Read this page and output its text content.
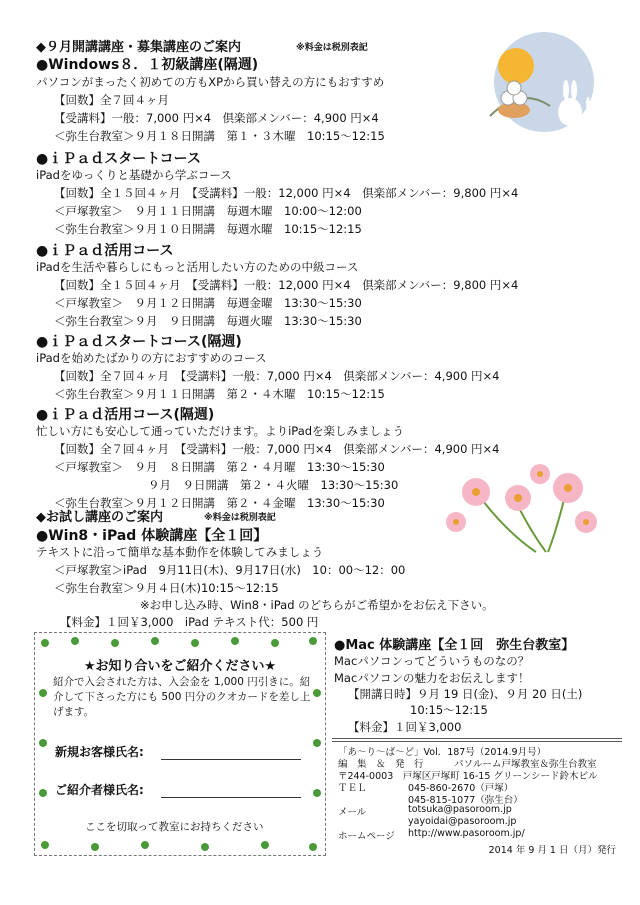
◆９月開講講座・募集講座のご案内	※料金は税別表記
●Windows８．１初級講座(隔週)
パソコンがまったく初めての方もXPから買い替えの方にもおすすめ
【回数】全７回４ヶ月
【受講料】一般：7,000 円×4　倶楽部メンバー：4,900 円×4
＜弥生台教室＞９月１８日開講　第１・３木曜　10:15～12:15
●ｉＰａｄスタートコース
iPadをゆっくりと基礎から学ぶコース
【回数】全１５回４ヶ月　【受講料】一般：12,000 円×4　倶楽部メンバー：9,800 円×4
＜戸塚教室＞　９月１１日開講　毎週木曜　10:00～12:00
＜弥生台教室＞９月１０日開講　毎週水曜　10:15～12:15
●ｉＰａｄ活用コース
iPadを生活や暮らしにもっと活用したい方のための中級コース
【回数】全１５回４ヶ月　【受講料】一般：12,000 円×4　倶楽部メンバー：9,800 円×4
＜戸塚教室＞　９月１２日開講　毎週金曜　13:30～15:30
＜弥生台教室＞９月　９日開講　毎週火曜　13:30～15:30
●ｉＰａｄスタートコース(隔週)
iPadを始めたばかりの方におすすめのコース
【回数】全７回４ヶ月　【受講料】一般：7,000 円×4　倶楽部メンバー：4,900 円×4
＜弥生台教室＞９月１１日開講　第２・４木曜　10:15～12:15
●ｉＰａｄ活用コース(隔週)
忙しい方にも安心して通っていただけます。よりiPadを楽しみましょう
【回数】全７回４ヶ月　【受講料】一般：7,000 円×4　倶楽部メンバー：4,900 円×4
＜戸塚教室＞　９月　８日開講　第２・４月曜　13:30～15:30
９月　９日開講　第２・４火曜　13:30～15:30
＜弥生台教室＞９月１２日開講　第２・４金曜　13:30～15:30
◆お試し講座のご案内	※料金は税別表記
●Win8・iPad 体験講座【全１回】
テキストに沿って簡単な基本動作を体験してみましょう
＜戸塚教室＞iPad　9月11日(木)、9月17日(水)　10：00～12：00
＜弥生台教室＞９月４日(木)10:15～12:15
※お申し込み時、Win8・iPad のどちらがご希望かをお伝え下さい。
【料金】１回￥3,000　iPad テキスト代：500 円
★お知り合いをご紹介ください★
紹介で入会された方は、入会金を 1,000 円引きに。紹介して下さった方にも 500 円分のクオカードを差し上げます。
新規お客様氏名:
ご紹介者様氏名:
ここを切取って教室にお持ちください
●Mac 体験講座【全１回　弥生台教室】
Macパソコンってどういうものなの？
Macパソコンの魅力をお伝えします！
【開講日時】９月 19 日(金)、９月 20 日(土)
10:15～12:15
【料金】１回￥3,000
「あ～り～ば～ど」Vol．187号（2014.9月号）
編　集　＆　発　行	パソルーム戸塚教室＆弥生台教室
〒244-0003　戸塚区戸塚町 16-15 グリーンシード鈴木ビル
ＴＥＬ	045-860-2670（戸塚）
045-815-1077（弥生台）
メール	totsuka@pasoroom.jp
yayoidai@pasoroom.jp
ホームページ http://www.pasoroom.jp/
2014 年 9 月 1 日（月）発行
